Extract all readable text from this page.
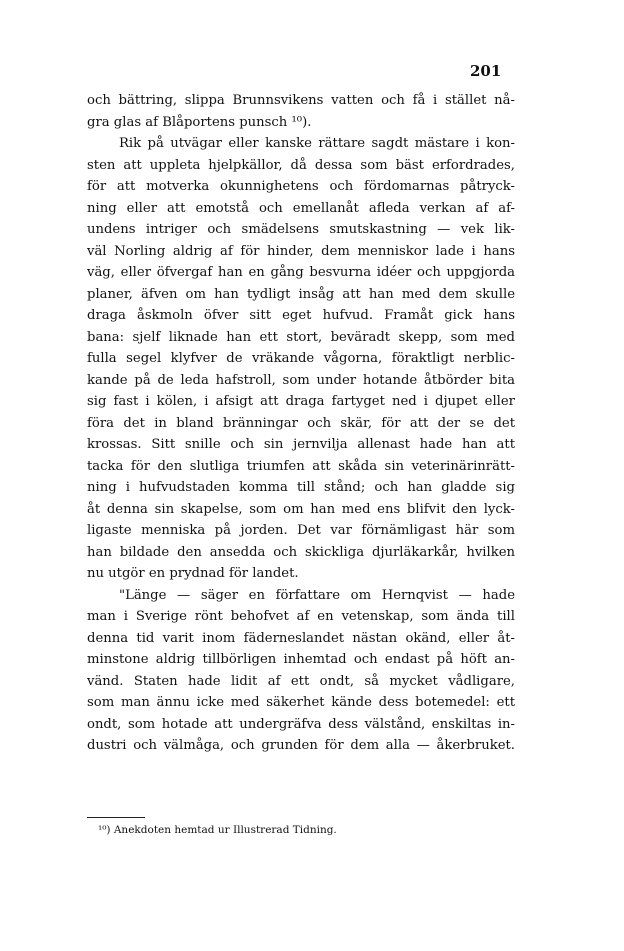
201
och bättring, slippa Brunnsvikens vatten och få i stället nå-
gra glas af Blåportens punsch ¹⁰).
Rik på utvägar eller kanske rättare sagdt mästare i kon-
sten att uppleta hjelpkällor, då dessa som bäst erfordrades,
för att motverka okunnighetens och fördomarnas påtryck-
ning eller att emotstå och emellanåt afleda verkan af af-
undens intriger och smädelsens smutskastning — vek lik-
väl Norling aldrig af för hinder, dem menniskor lade i hans
väg, eller öfvergaf han en gång besvurna idéer och uppgjorda
planer, äfven om han tydligt insåg att han med dem skulle
draga åskmoln öfver sitt eget hufvud. Framåt gick hans
bana: sjelf liknade han ett stort, beväradt skepp, som med
fulla segel klyfver de vräkande vågorna, föraktligt nerblic-
kande på de leda hafstroll, som under hotande åtbörder bita
sig fast i kölen, i afsigt att draga fartyget ned i djupet eller
föra det in bland bränningar och skär, för att der se det
krossas. Sitt snille och sin jernvilja allenast hade han att
tacka för den slutliga triumfen att skåda sin veterinärinrätt-
ning i hufvudstaden komma till stånd; och han gladde sig
åt denna sin skapelse, som om han med ens blifvit den lyck-
ligaste menniska på jorden. Det var förnämligast här som
han bildade den ansedda och skickliga djurläkarkår, hvilken
nu utgör en prydnad för landet.
"Länge — säger en författare om Hernqvist — hade
man i Sverige rönt behofvet af en vetenskap, som ända till
denna tid varit inom fäderneslandet nästan okänd, eller åt-
minstone aldrig tillbörligen inhemtad och endast på höft an-
vänd. Staten hade lidit af ett ondt, så mycket vådligare,
som man ännu icke med säkerhet kände dess botemedel: ett
ondt, som hotade att undergräfva dess välstånd, enskiltas in-
dustri och välmåga, och grunden för dem alla — åkerbruket.
¹⁰) Anekdoten hemtad ur Illustrerad Tidning.
